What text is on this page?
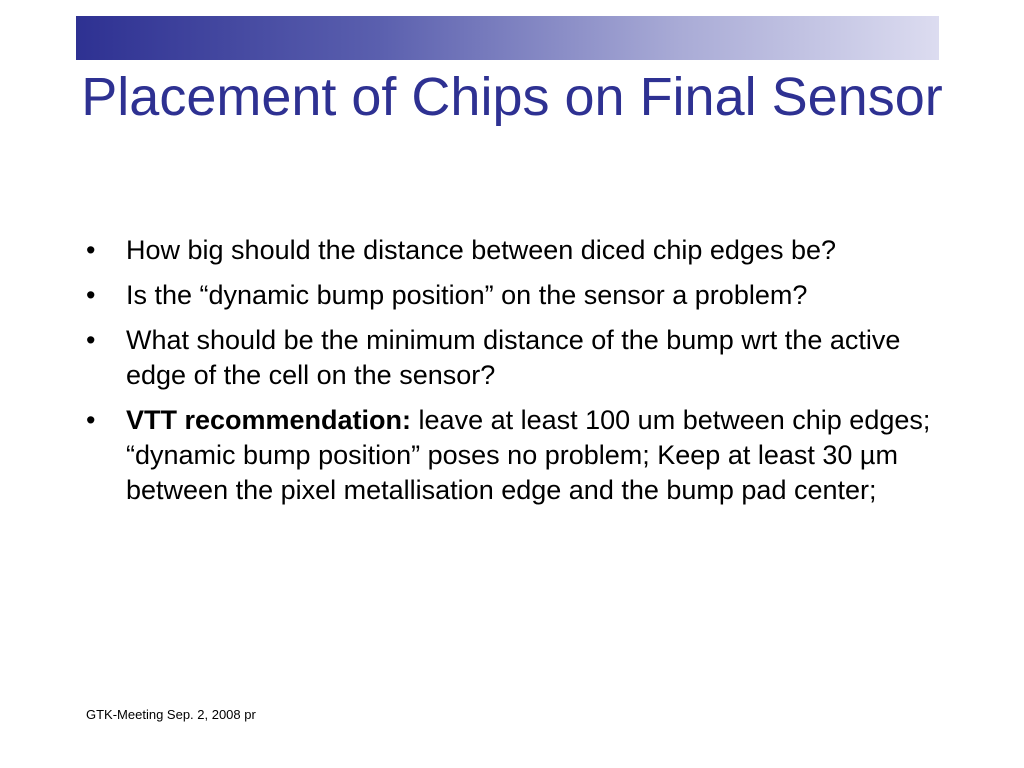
Placement of Chips on Final Sensor
• How big should the distance between diced chip edges be?
• Is the “dynamic bump position” on the sensor a problem?
• What should be the minimum distance of the bump wrt the active edge of the cell on the sensor?
• VTT recommendation: leave at least 100 um between chip edges; “dynamic bump position” poses no problem; Keep at least 30 µm between the pixel metallisation edge and the bump pad center;
GTK-Meeting Sep. 2, 2008 pr
